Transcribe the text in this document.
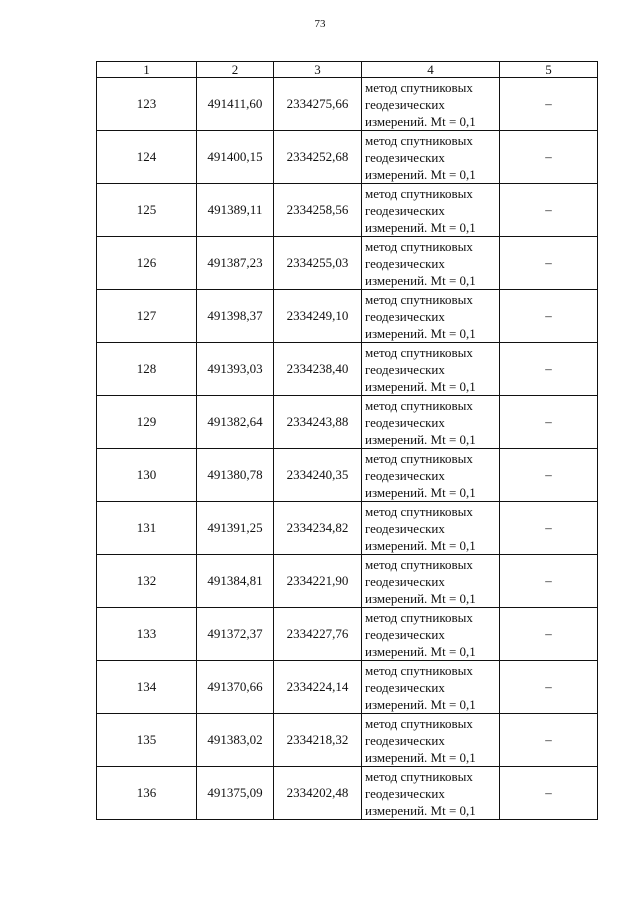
73
1	2	3	4	5
123	491411,60	2334275,66	метод спутниковых
геодезических
измерений. Mt = 0,1	–
124	491400,15	2334252,68	метод спутниковых
геодезических
измерений. Mt = 0,1	–
125	491389,11	2334258,56	метод спутниковых
геодезических
измерений. Mt = 0,1	–
126	491387,23	2334255,03	метод спутниковых
геодезических
измерений. Mt = 0,1	–
127	491398,37	2334249,10	метод спутниковых
геодезических
измерений. Mt = 0,1	–
128	491393,03	2334238,40	метод спутниковых
геодезических
измерений. Mt = 0,1	–
129	491382,64	2334243,88	метод спутниковых
геодезических
измерений. Mt = 0,1	–
130	491380,78	2334240,35	метод спутниковых
геодезических
измерений. Mt = 0,1	–
131	491391,25	2334234,82	метод спутниковых
геодезических
измерений. Mt = 0,1	–
132	491384,81	2334221,90	метод спутниковых
геодезических
измерений. Mt = 0,1	–
133	491372,37	2334227,76	метод спутниковых
геодезических
измерений. Mt = 0,1	–
134	491370,66	2334224,14	метод спутниковых
геодезических
измерений. Mt = 0,1	–
135	491383,02	2334218,32	метод спутниковых
геодезических
измерений. Mt = 0,1	–
136	491375,09	2334202,48	метод спутниковых
геодезических
измерений. Mt = 0,1	–
